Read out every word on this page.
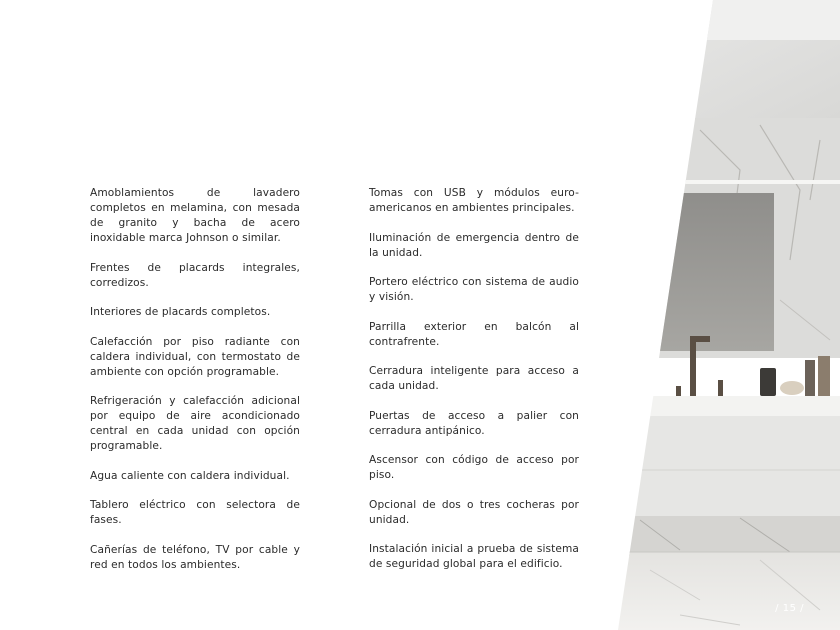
Amoblamientos de lavadero completos en melamina, con mesada de granito y bacha de acero inoxidable marca Johnson o similar.

Frentes de placards integrales, corredizos.

Interiores de placards completos.

Calefacción por piso radiante con caldera individual, con termostato de ambiente con opción programable.

Refrigeración y calefacción adicional por equipo de aire acondicionado central en cada unidad con opción programable.

Agua caliente con caldera individual.

Tablero eléctrico con selectora de fases.

Cañerías de teléfono, TV por cable y red en todos los ambientes.

Tomas con USB y módulos euro-americanos en ambientes principales.

Iluminación de emergencia dentro de la unidad.

Portero eléctrico con sistema de audio y visión.

Parrilla exterior en balcón al contrafrente.

Cerradura inteligente para acceso a cada unidad.

Puertas de acceso a palier con cerradura antipánico.

Ascensor con código de acceso por piso.

Opcional de dos o tres cocheras por unidad.

Instalación inicial a prueba de sistema de seguridad global para el edificio.

/ 15 /
